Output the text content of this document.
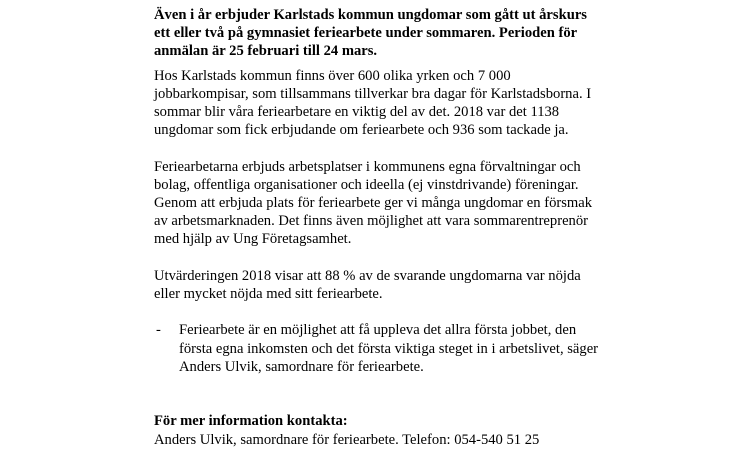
Även i år erbjuder Karlstads kommun ungdomar som gått ut årskurs
ett eller två på gymnasiet feriearbete under sommaren. Perioden för
anmälan är 25 februari till 24 mars.
Hos Karlstads kommun finns över 600 olika yrken och 7 000
jobbarkompisar, som tillsammans tillverkar bra dagar för Karlstadsborna. I
sommar blir våra feriearbetare en viktig del av det. 2018 var det 1138
ungdomar som fick erbjudande om feriearbete och 936 som tackade ja.
Feriearbetarna erbjuds arbetsplatser i kommunens egna förvaltningar och
bolag, offentliga organisationer och ideella (ej vinstdrivande) föreningar.
Genom att erbjuda plats för feriearbete ger vi många ungdomar en försmak
av arbetsmarknaden. Det finns även möjlighet att vara sommarentreprenör
med hjälp av Ung Företagsamhet.
Utvärderingen 2018 visar att 88 % av de svarande ungdomarna var nöjda
eller mycket nöjda med sitt feriearbete.
- Feriearbete är en möjlighet att få uppleva det allra första jobbet, den
första egna inkomsten och det första viktiga steget in i arbetslivet, säger
Anders Ulvik, samordnare för feriearbete.
För mer information kontakta:
Anders Ulvik, samordnare för feriearbete. Telefon: 054-540 51 25
